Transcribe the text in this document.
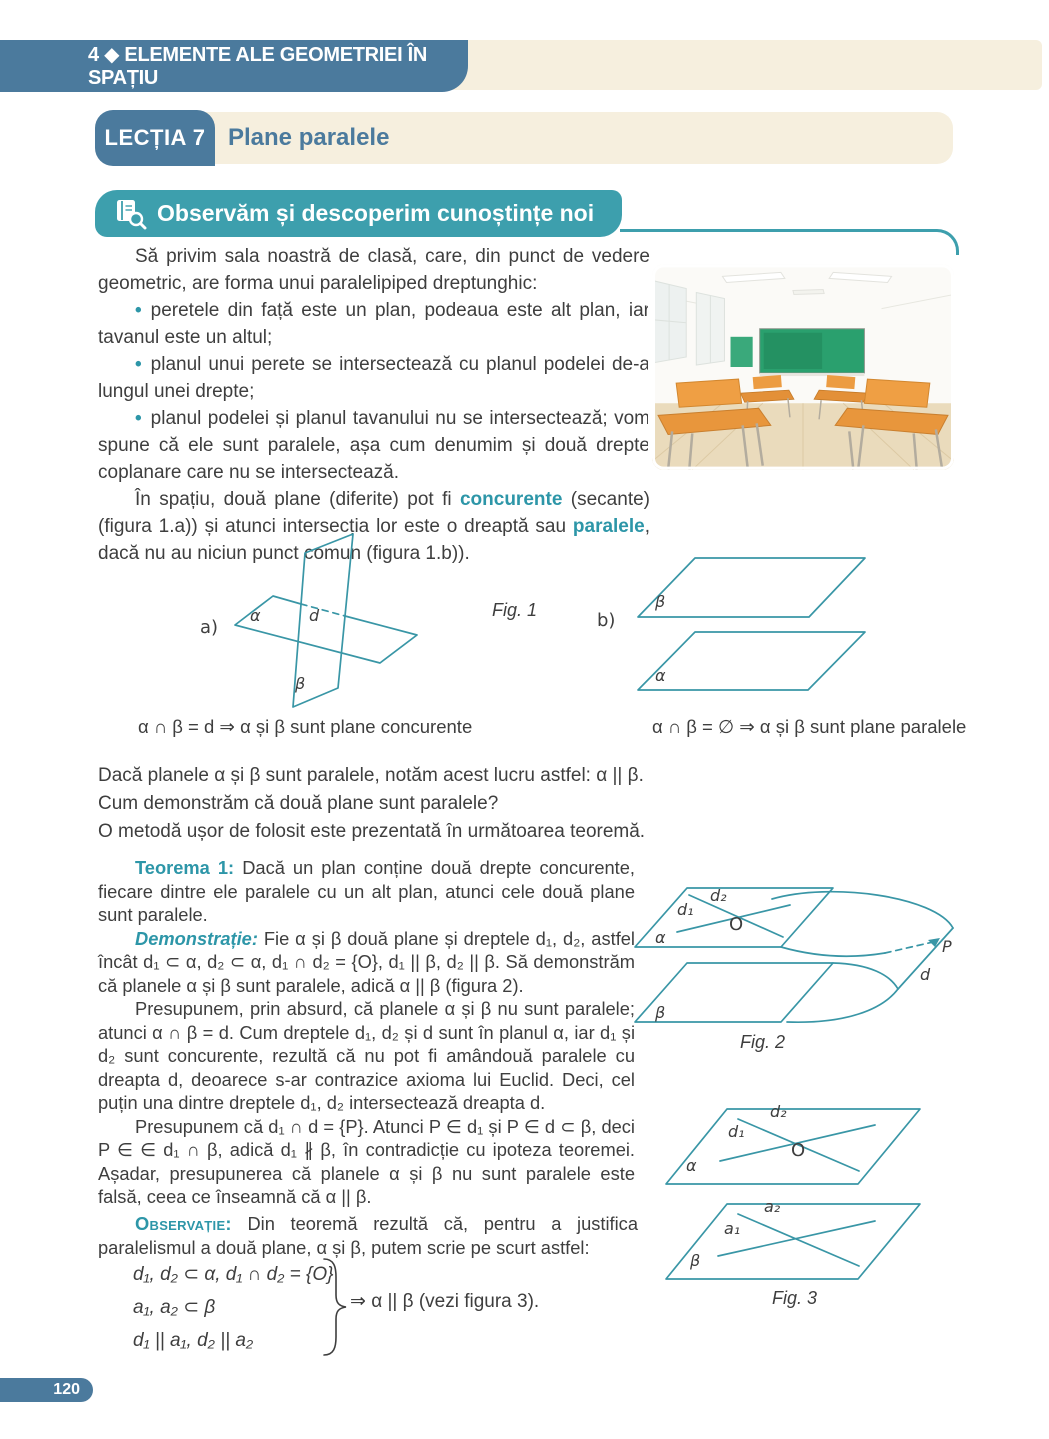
4 ◆ ELEMENTE ALE GEOMETRIEI ÎN SPAȚIU
Plane paralele
LECȚIA 7
Observăm și descoperim cunoștințe noi

Să privim sala noastră de clasă, care, din punct de vedere geometric, are forma unui paralelipiped dreptunghic:

• peretele din față este un plan, podeaua este alt plan, iar tavanul este un altul;

• planul unui perete se intersectează cu planul podelei de-a lungul unei drepte;

• planul podelei și planul tavanului nu se intersectează; vom spune că ele sunt paralele, așa cum denumim și două drepte coplanare care nu se intersectează.

În spațiu, două plane (diferite) pot fi concurente (secante) (figura 1.a)) și atunci intersecția lor este o dreaptă sau paralele, dacă nu au niciun punct comun (figura 1.b)).

a)
α	d
β
Fig. 1	b)
β
α
α ∩ β = d ⇒ α și β sunt plane concurente	α ∩ β = ∅ ⇒ α și β sunt plane paralele

Dacă planele α și β sunt paralele, notăm acest lucru astfel: α || β.

Cum demonstrăm că două plane sunt paralele?

O metodă ușor de folosit este prezentată în următoarea teoremă.

Teorema 1: Dacă un plan conține două drepte concurente, fiecare dintre ele paralele cu un alt plan, atunci cele două plane sunt paralele.

Demonstrație: Fie α și β două plane și dreptele d₁, d₂, astfel încât d₁ ⊂ α, d₂ ⊂ α, d₁ ∩ d₂ = {O}, d₁ || β, d₂ || β. Să demonstrăm că planele α și β sunt paralele, adică α || β (figura 2).

Presupunem, prin absurd, că planele α și β nu sunt paralele; atunci α ∩ β = d. Cum dreptele d₁, d₂ și d sunt în planul α, iar d₁ și d₂ sunt concurente, rezultă că nu pot fi amândouă paralele cu dreapta d, deoarece s-ar contrazice axioma lui Euclid. Deci, cel puțin una dintre dreptele d₁, d₂ intersectează dreapta d.

Presupunem că d₁ ∩ d = {P}. Atunci P ∈ d₁ și P ∈ d ⊂ β, deci P ∈ ∈ d₁ ∩ β, adică d₁ ∦ β, în contradicție cu ipoteza teoremei. Așadar, presupunerea că planele α și β nu sunt paralele este falsă, ceea ce înseamnă că α || β.

d₁
d₂
O
α
β
P
d
Fig. 2

Observație: Din teoremă rezultă că, pentru a justifica paralelismul a două plane, α și β, putem scrie pe scurt astfel:

d₁, d₂ ⊂ α, d₁ ∩ d₂ = {O}
a₁, a₂ ⊂ β
d₁ || a₁, d₂ || a₂
⇒ α || β (vezi figura 3).
d₂
d₁
O
α
a₂
a₁
β
Fig. 3
120
